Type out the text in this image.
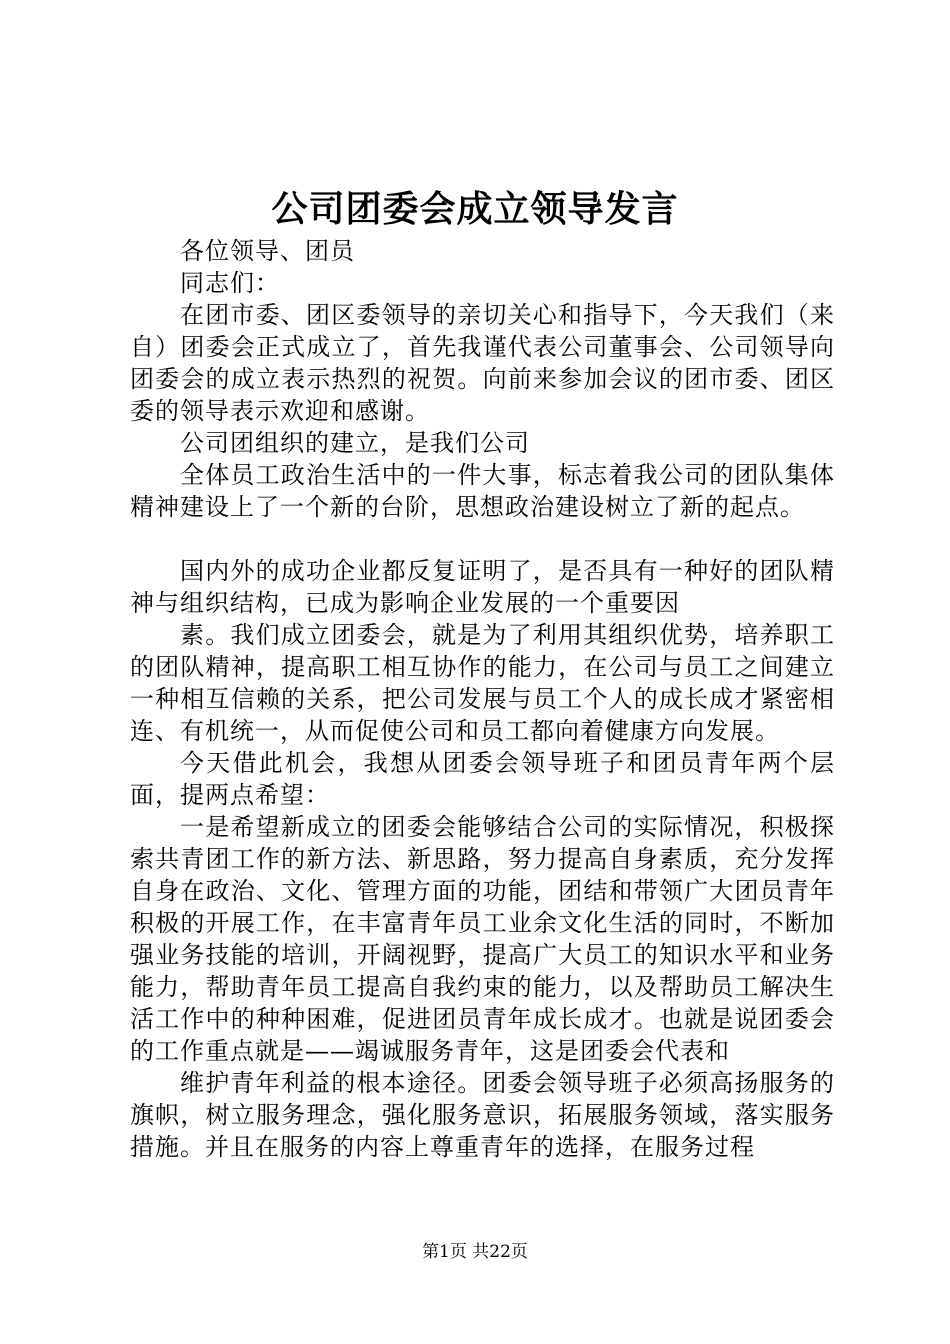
公司团委会成立领导发言

各位领导、团员

同志们：

在团市委、团区委领导的亲切关心和指导下，今天我们（来自）团委会正式成立了，首先我谨代表公司董事会、公司领导向团委会的成立表示热烈的祝贺。向前来参加会议的团市委、团区委的领导表示欢迎和感谢。

公司团组织的建立，是我们公司

全体员工政治生活中的一件大事，标志着我公司的团队集体精神建设上了一个新的台阶，思想政治建设树立了新的起点。

国内外的成功企业都反复证明了，是否具有一种好的团队精神与组织结构，已成为影响企业发展的一个重要因

素。我们成立团委会，就是为了利用其组织优势，培养职工的团队精神，提高职工相互协作的能力，在公司与员工之间建立一种相互信赖的关系，把公司发展与员工个人的成长成才紧密相连、有机统一，从而促使公司和员工都向着健康方向发展。

今天借此机会，我想从团委会领导班子和团员青年两个层面，提两点希望：

一是希望新成立的团委会能够结合公司的实际情况，积极探索共青团工作的新方法、新思路，努力提高自身素质，充分发挥自身在政治、文化、管理方面的功能，团结和带领广大团员青年积极的开展工作，在丰富青年员工业余文化生活的同时，不断加强业务技能的培训，开阔视野，提高广大员工的知识水平和业务能力，帮助青年员工提高自我约束的能力，以及帮助员工解决生活工作中的种种困难，促进团员青年成长成才。也就是说团委会的工作重点就是——竭诚服务青年，这是团委会代表和

维护青年利益的根本途径。团委会领导班子必须高扬服务的旗帜，树立服务理念，强化服务意识，拓展服务领域，落实服务措施。并且在服务的内容上尊重青年的选择，在服务过程

第1页 共22页
